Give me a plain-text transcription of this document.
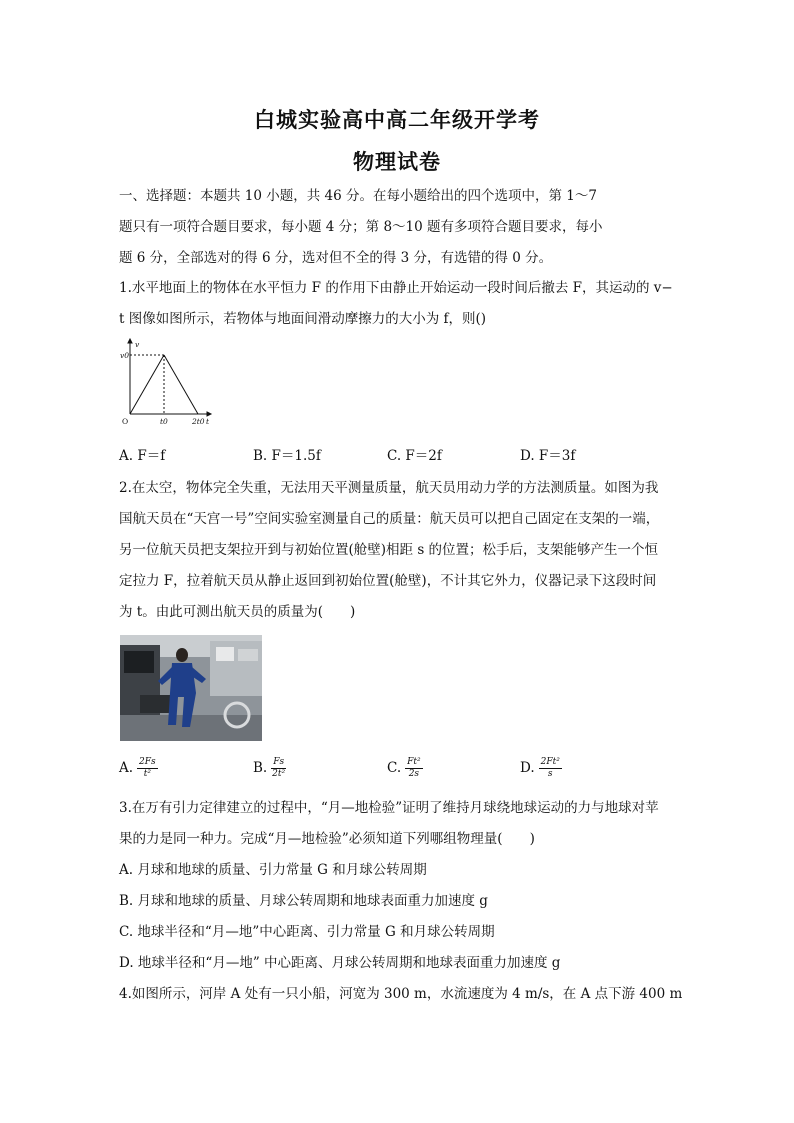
白城实验高中高二年级开学考
物理试卷
一、选择题：本题共 10 小题，共 46 分。在每小题给出的四个选项中，第 1～7
题只有一项符合题目要求，每小题 4 分；第 8～10 题有多项符合题目要求，每小
题 6 分，全部选对的得 6 分，选对但不全的得 3 分，有选错的得 0 分。
1.水平地面上的物体在水平恒力 F 的作用下由静止开始运动一段时间后撤去 F，其运动的 v−
t 图像如图所示，若物体与地面间滑动摩擦力的大小为 f，则()
v
v0
O	t0	2t0 t
A. F＝f	B. F＝1.5f	C. F＝2f	D. F＝3f
2.在太空，物体完全失重，无法用天平测量质量，航天员用动力学的方法测质量。如图为我
国航天员在“天宫一号”空间实验室测量自己的质量：航天员可以把自己固定在支架的一端，
另一位航天员把支架拉开到与初始位置(舱壁)相距 s 的位置；松手后，支架能够产生一个恒
定拉力 F，拉着航天员从静止返回到初始位置(舱壁)，不计其它外力，仪器记录下这段时间
为 t。由此可测出航天员的质量为(　　)
A. $\frac{2Fs}{\text{t²}}$	B. $\frac{Fs}{\text{2t²}}$	C. $\frac{\text{Ft²}}{2s}$	D. $\frac{\text{2Ft²}}{s}$
3.在万有引力定律建立的过程中，“月—地检验”证明了维持月球绕地球运动的力与地球对苹
果的力是同一种力。完成“月—地检验”必须知道下列哪组物理量(　　)
A. 月球和地球的质量、引力常量 G 和月球公转周期
B. 月球和地球的质量、月球公转周期和地球表面重力加速度 g
C. 地球半径和“月—地”中心距离、引力常量 G 和月球公转周期
D. 地球半径和“月—地” 中心距离、月球公转周期和地球表面重力加速度 g
4.如图所示，河岸 A 处有一只小船，河宽为 300 m，水流速度为 4 m/s，在 A 点下游 400 m
